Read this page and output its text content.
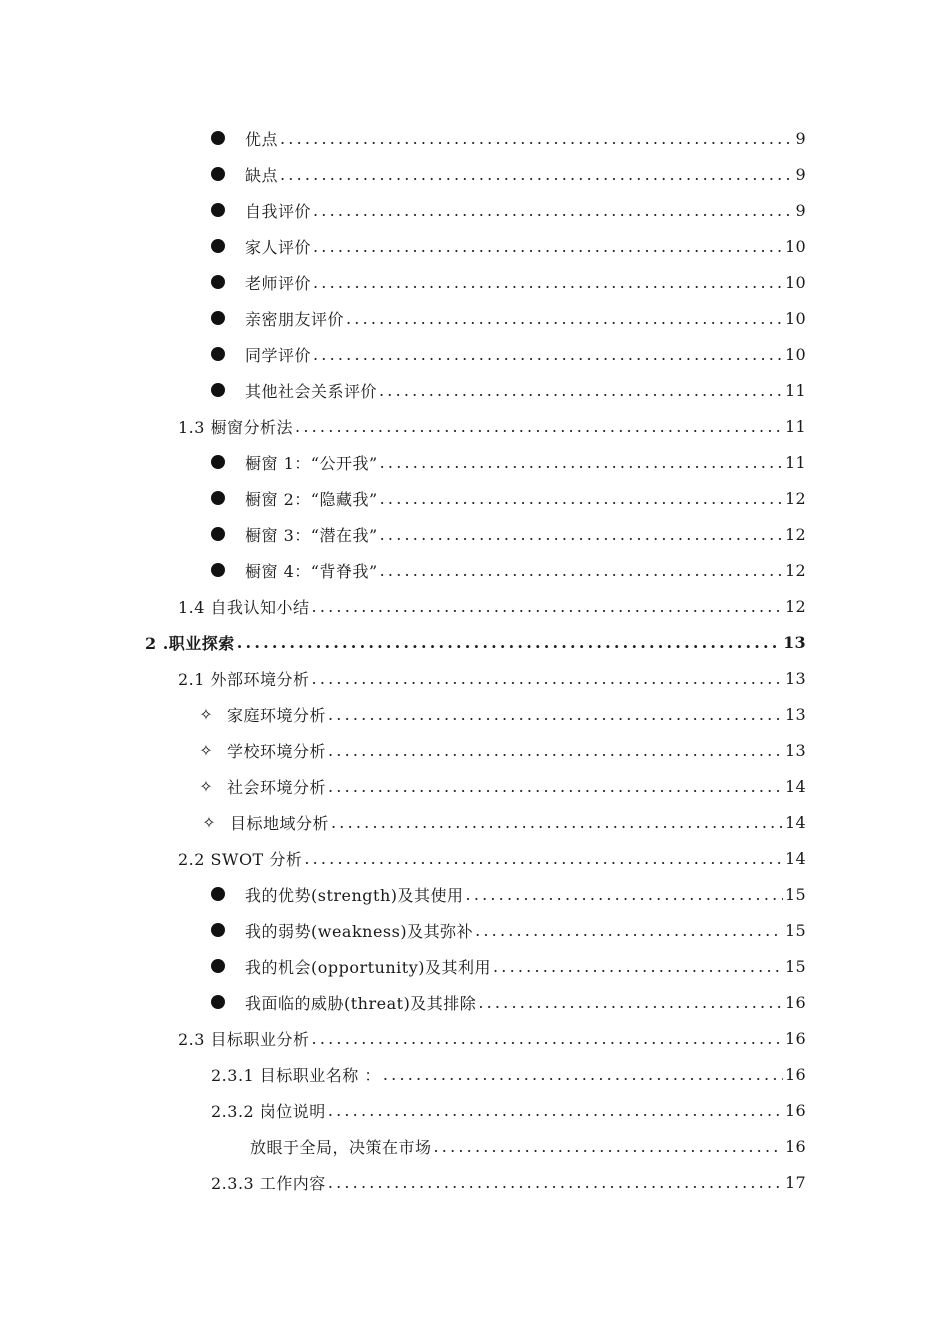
优点 .....	9
缺点 .....	9
自我评价 .....	9
家人评价 .....	10
老师评价 .....	10
亲密朋友评价 .....	10
同学评价 .....	10
其他社会关系评价 .....	11
1.3 橱窗分析法 .....	11
橱窗 1：“公开我” .....	11
橱窗 2：“隐藏我” .....	12
橱窗 3：“潜在我” .....	12
橱窗 4：“背脊我” .....	12
1.4 自我认知小结 .....	12
2 .职业探索 .....	13
2.1 外部环境分析 .....	13
✧ 家庭环境分析 .....	13
✧ 学校环境分析 .....	13
✧ 社会环境分析 .....	14
✧ 目标地域分析 .....	14
2.2 SWOT 分析 .....	14
我的优势(strength)及其使用 .....	15
我的弱势(weakness)及其弥补 .....	15
我的机会(opportunity)及其利用 .....	15
我面临的威胁(threat)及其排除 .....	16
2.3 目标职业分析 .....	16
2.3.1 目标职业名称 ： .....	16
2.3.2 岗位说明 .....	16
放眼于全局，决策在市场 .....	16
2.3.3 工作内容 .....	17
